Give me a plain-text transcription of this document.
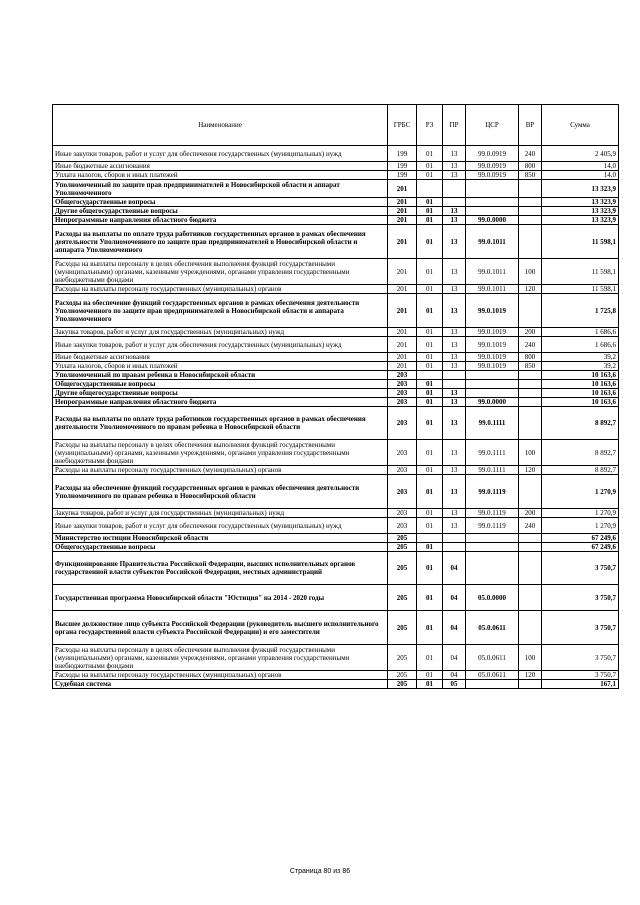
Наименование	ГРБС	РЗ	ПР	ЦСР	ВР	Сумма
Иные закупки товаров, работ и услуг для обеспечения государственных (муниципальных) нужд	199	01	13	99.0.0919	240	2 405,9
Иные бюджетные ассигнования	199	01	13	99.0.0919	800	14,0
Уплата налогов, сборов и иных платежей	199	01	13	99.0.0919	850	14,0
Уполномоченный по защите прав предпринимателей в Новосибирской области и аппарат Уполномоченного	201					13 323,9
Общегосударственные вопросы	201	01				13 323,9
Другие общегосударственные вопросы	201	01	13			13 323,9
Непрограммные направления областного бюджета	201	01	13	99.0.0000		13 323,9
Расходы на выплаты по оплате труда работников государственных органов в рамках обеспечения деятельности Уполномоченного по защите прав предпринимателей в Новосибирской области и аппарата Уполномоченного	201	01	13	99.0.1011		11 598,1
Расходы на выплаты персоналу в целях обеспечения выполнения функций государственными (муниципальными) органами, казенными учреждениями, органами управления государственными внебюджетными фондами	201	01	13	99.0.1011	100	11 598,1
Расходы на выплаты персоналу государственных (муниципальных) органов	201	01	13	99.0.1011	120	11 598,1
Расходы на обеспечение функций государственных органов в рамках обеспечения деятельности Уполномоченного по защите прав предпринимателей в Новосибирской области и аппарата Уполномоченного	201	01	13	99.0.1019		1 725,8
Закупка товаров, работ и услуг для государственных (муниципальных) нужд	201	01	13	99.0.1019	200	1 686,6
Иные закупки товаров, работ и услуг для обеспечения государственных (муниципальных) нужд	201	01	13	99.0.1019	240	1 686,6
Иные бюджетные ассигнования	201	01	13	99.0.1019	800	39,2
Уплата налогов, сборов и иных платежей	201	01	13	99.0.1019	850	39,2
Уполномоченный по правам ребенка в Новосибирской области	203					10 163,6
Общегосударственные вопросы	203	01				10 163,6
Другие общегосударственные вопросы	203	01	13			10 163,6
Непрограммные направления областного бюджета	203	01	13	99.0.0000		10 163,6
Расходы на выплаты по оплате труда работников государственных органов в рамках обеспечения деятельности Уполномоченного по правам ребенка в Новосибирской области	203	01	13	99.0.1111		8 892,7
Расходы на выплаты персоналу в целях обеспечения выполнения функций государственными (муниципальными) органами, казенными учреждениями, органами управления государственными внебюджетными фондами	203	01	13	99.0.1111	100	8 892,7
Расходы на выплаты персоналу государственных (муниципальных) органов	203	01	13	99.0.1111	120	8 892,7
Расходы на обеспечение функций государственных органов в рамках обеспечения деятельности Уполномоченного по правам ребенка в Новосибирской области	203	01	13	99.0.1119		1 270,9
Закупка товаров, работ и услуг для государственных (муниципальных) нужд	203	01	13	99.0.1119	200	1 270,9
Иные закупки товаров, работ и услуг для обеспечения государственных (муниципальных) нужд	203	01	13	99.0.1119	240	1 270,9
Министерство юстиции Новосибирской области	205					67 249,6
Общегосударственные вопросы	205	01				67 249,6
Функционирование Правительства Российской Федерации, высших исполнительных органов государственной власти субъектов Российской Федерации, местных администраций	205	01	04			3 750,7
Государственная программа Новосибирской области "Юстиция" на 2014 - 2020 годы	205	01	04	05.0.0000		3 750,7
Высшее должностное лицо субъекта Российской Федерации (руководитель высшего исполнительного органа государственной власти субъекта Российской Федерации) и его заместители	205	01	04	05.0.0611		3 750,7
Расходы на выплаты персоналу в целях обеспечения выполнения функций государственными (муниципальными) органами, казенными учреждениями, органами управления государственными внебюджетными фондами	205	01	04	05.0.0611	100	3 750,7
Расходы на выплаты персоналу государственных (муниципальных) органов	205	01	04	05.0.0611	120	3 750,7
Судебная система	205	01	05			167,1
Страница 80 из 86
